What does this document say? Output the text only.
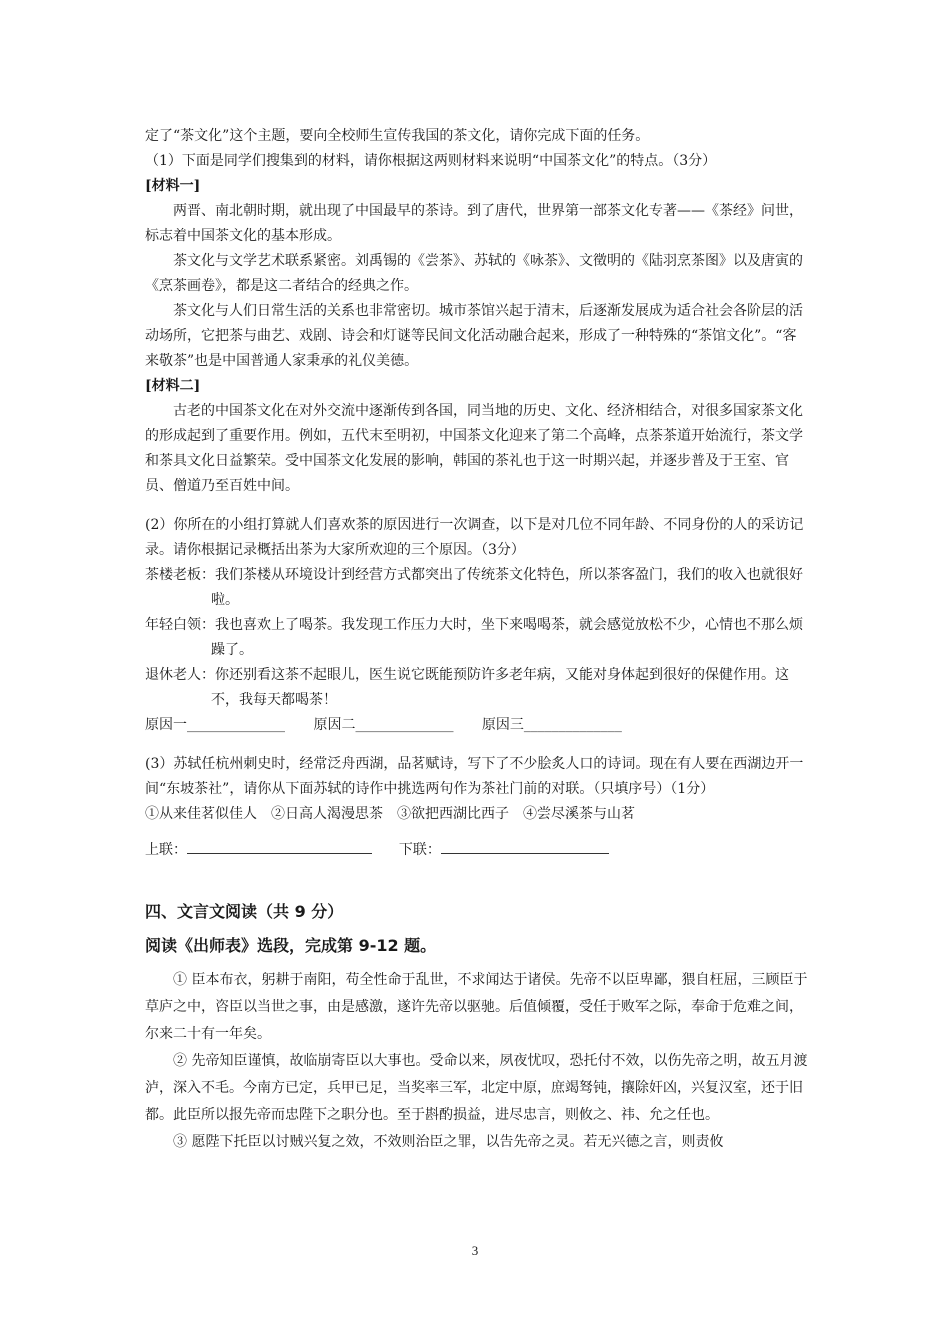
定了“茶文化”这个主题，要向全校师生宣传我国的茶文化，请你完成下面的任务。

（1）下面是同学们搜集到的材料，请你根据这两则材料来说明“中国茶文化”的特点。（3分）

[材料一]

两晋、南北朝时期，就出现了中国最早的茶诗。到了唐代，世界第一部茶文化专著——《茶经》问世，标志着中国茶文化的基本形成。

茶文化与文学艺术联系紧密。刘禹锡的《尝茶》、苏轼的《咏茶》、文徵明的《陆羽烹茶图》以及唐寅的《烹茶画卷》，都是这二者结合的经典之作。

茶文化与人们日常生活的关系也非常密切。城市茶馆兴起于清末，后逐渐发展成为适合社会各阶层的活动场所，它把茶与曲艺、戏剧、诗会和灯谜等民间文化活动融合起来，形成了一种特殊的“茶馆文化”。“客来敬茶”也是中国普通人家秉承的礼仪美德。

[材料二]

古老的中国茶文化在对外交流中逐渐传到各国，同当地的历史、文化、经济相结合，对很多国家茶文化的形成起到了重要作用。例如，五代末至明初，中国茶文化迎来了第二个高峰，点茶茶道开始流行，茶文学和茶具文化日益繁荣。受中国茶文化发展的影响，韩国的茶礼也于这一时期兴起，并逐步普及于王室、官员、僧道乃至百姓中间。

(2）你所在的小组打算就人们喜欢茶的原因进行一次调查，以下是对几位不同年龄、不同身份的人的采访记录。请你根据记录概括出茶为大家所欢迎的三个原因。（3分）

茶楼老板：我们茶楼从环境设计到经营方式都突出了传统茶文化特色，所以茶客盈门，我们的收入也就很好啦。

年轻白领：我也喜欢上了喝茶。我发现工作压力大时，坐下来喝喝茶，就会感觉放松不少，心情也不那么烦躁了。

退休老人：你还别看这茶不起眼儿，医生说它既能预防许多老年病，又能对身体起到很好的保健作用。这不，我每天都喝茶！

原因一______________ 原因二______________ 原因三______________

(3）苏轼任杭州刺史时，经常泛舟西湖，品茗赋诗，写下了不少脍炙人口的诗词。现在有人要在西湖边开一间“东坡茶社”，请你从下面苏轼的诗作中挑选两句作为茶社门前的对联。（只填序号）（1分）

①从来佳茗似佳人　②日高人渴漫思茶　③欲把西湖比西子　④尝尽溪茶与山茗

上联：	下联：

四、文言文阅读（共 9 分）

阅读《出师表》选段，完成第 9-12 题。

① 臣本布衣，躬耕于南阳，苟全性命于乱世，不求闻达于诸侯。先帝不以臣卑鄙，猥自枉屈，三顾臣于草庐之中，咨臣以当世之事，由是感激，遂许先帝以驱驰。后值倾覆，受任于败军之际，奉命于危难之间，尔来二十有一年矣。

② 先帝知臣谨慎，故临崩寄臣以大事也。受命以来，夙夜忧叹，恐托付不效，以伤先帝之明，故五月渡泸，深入不毛。今南方已定，兵甲已足，当奖率三军，北定中原，庶竭驽钝，攘除奸凶，兴复汉室，还于旧都。此臣所以报先帝而忠陛下之职分也。至于斟酌损益，进尽忠言，则攸之、祎、允之任也。

③ 愿陛下托臣以讨贼兴复之效，不效则治臣之罪，以告先帝之灵。若无兴德之言，则责攸

3
